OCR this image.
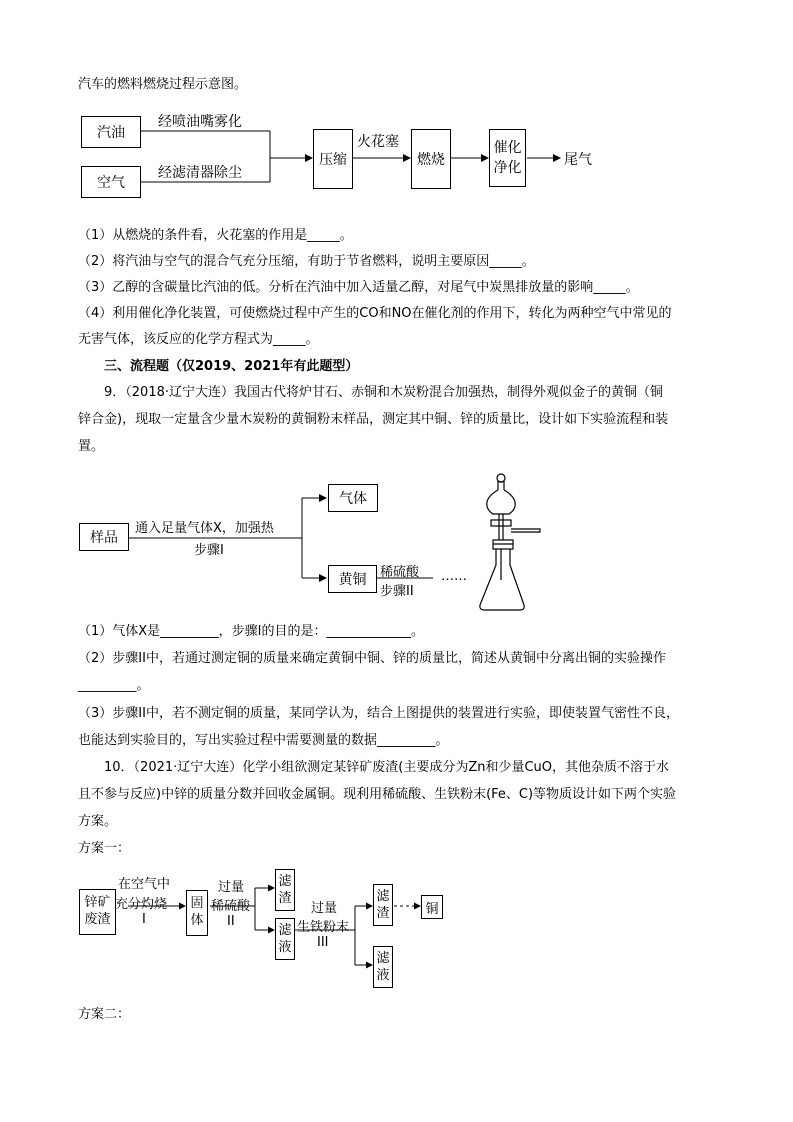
汽车的燃料燃烧过程示意图。
汽油
空气
经喷油嘴雾化
经滤清器除尘
压缩
火花塞
燃烧
催化净化	尾气
（1）从燃烧的条件看，火花塞的作用是_____。
（2）将汽油与空气的混合气充分压缩，有助于节省燃料，说明主要原因_____。
（3）乙醇的含碳量比汽油的低。分析在汽油中加入适量乙醇，对尾气中炭黑排放量的影响_____。
（4）利用催化净化装置，可使燃烧过程中产生的CO和NO在催化剂的作用下，转化为两种空气中常见的
无害气体，该反应的化学方程式为_____。
三、流程题（仅2019、2021年有此题型）
9．（2018·辽宁大连）我国古代将炉甘石、赤铜和木炭粉混合加强热，制得外观似金子的黄铜（铜
锌合金)，现取一定量含少量木炭粉的黄铜粉末样品，测定其中铜、锌的质量比，设计如下实验流程和装
置。
样品
通入足量气体X，加强热
步骤I
气体
黄铜	稀硫酸
步骤II
……
（1）气体X是_________，步骤I的目的是：_____________。
（2）步骤II中，若通过测定铜的质量来确定黄铜中铜、锌的质量比，简述从黄铜中分离出铜的实验操作
_________。
（3）步骤II中，若不测定铜的质量，某同学认为，结合上图提供的装置进行实验，即使装置气密性不良，
也能达到实验目的，写出实验过程中需要测量的数据_________。
10．（2021·辽宁大连）化学小组欲测定某锌矿废渣(主要成分为Zn和少量CuO，其他杂质不溶于水
且不参与反应)中锌的质量分数并回收金属铜。现利用稀硫酸、生铁粉末(Fe、C)等物质设计如下两个实验
方案。
方案一：
锌矿
废渣
在空气中
充分灼烧
I
固
体
过量
稀硫酸
II
滤
渣
滤
液
过量
生铁粉末
III
滤
渣	铜
滤
液
方案二：
